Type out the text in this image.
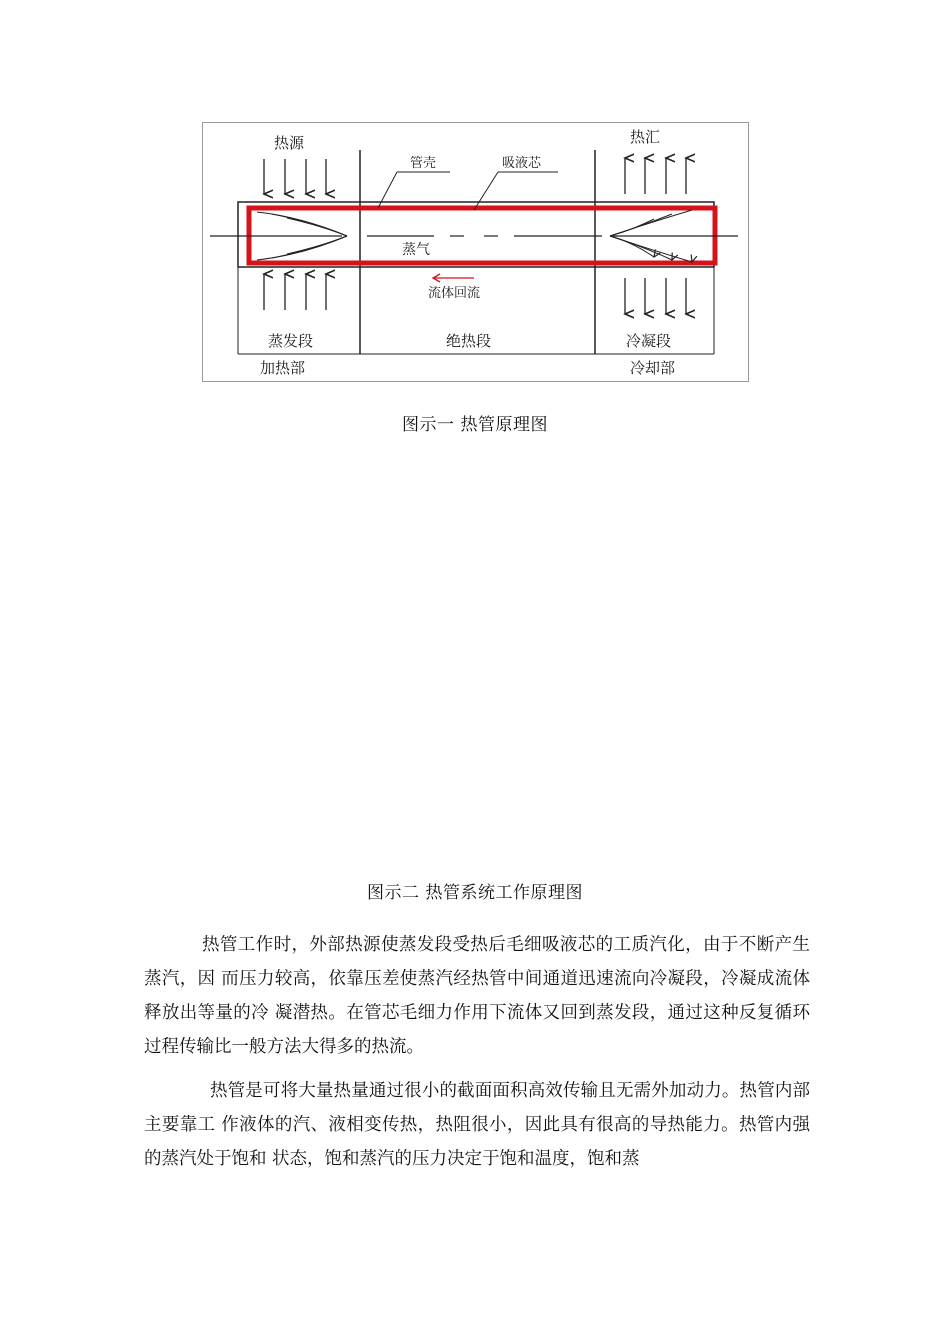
热源	热汇
管壳	吸液芯
蒸气
流体回流
蒸发段	绝热段	冷凝段
加热部	冷却部
图示一 热管原理图
图示二 热管系统工作原理图

热管工作时，外部热源使蒸发段受热后毛细吸液芯的工质汽化，由于不断产生蒸汽，因 而压力较高，依靠压差使蒸汽经热管中间通道迅速流向冷凝段，冷凝成流体释放出等量的冷 凝潜热。在管芯毛细力作用下流体又回到蒸发段，通过这种反复循环过程传输比一般方法大得多的热流。

热管是可将大量热量通过很小的截面面积高效传输且无需外加动力。热管内部主要靠工 作液体的汽、液相变传热，热阻很小，因此具有很高的导热能力。热管内强的蒸汽处于饱和 状态，饱和蒸汽的压力决定于饱和温度，饱和蒸
